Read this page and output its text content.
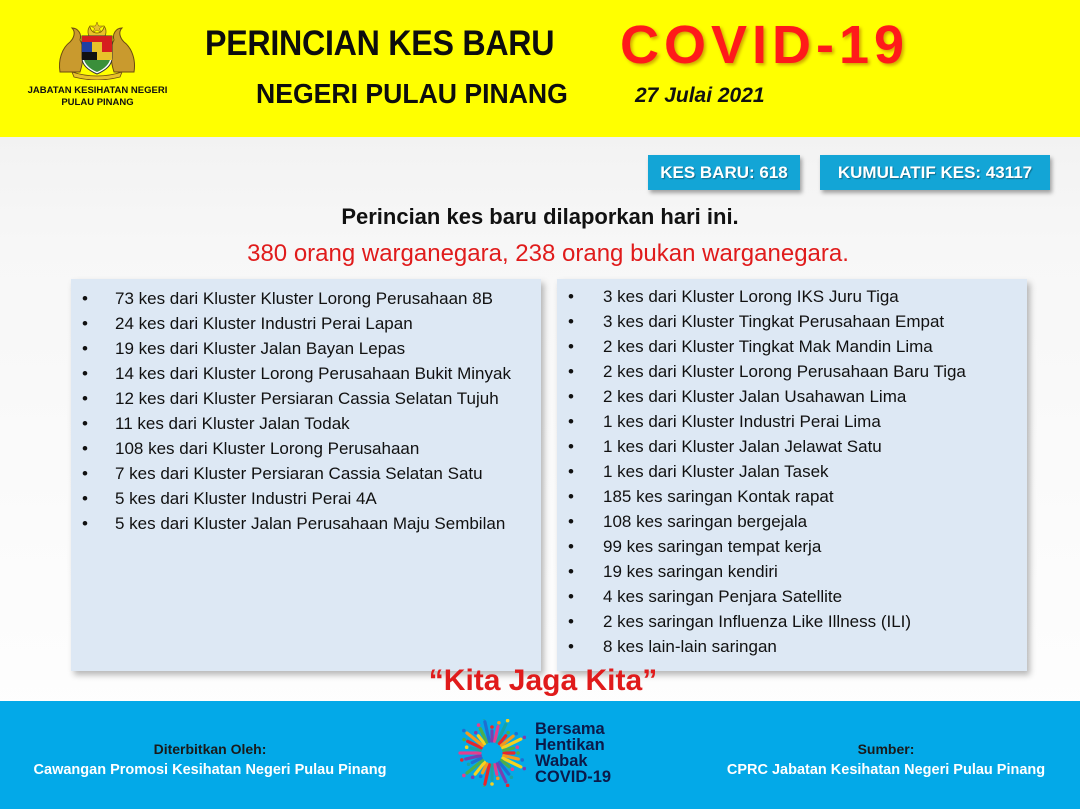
JABATAN KESIHATAN NEGERI
PULAU PINANG
PERINCIAN KES BARU COVID-19
NEGERI PULAU PINANG	27 Julai 2021
KES BARU: 618	KUMULATIF KES: 43117
Perincian kes baru dilaporkan hari ini.
380 orang warganegara, 238 orang bukan warganegara.
• 73 kes dari Kluster Kluster Lorong Perusahaan 8B
• 24 kes dari Kluster Industri Perai Lapan
• 19 kes dari Kluster Jalan Bayan Lepas
• 14 kes dari Kluster Lorong Perusahaan Bukit Minyak
• 12 kes dari Kluster Persiaran Cassia Selatan Tujuh
• 11 kes dari Kluster Jalan Todak
• 108 kes dari Kluster Lorong Perusahaan
• 7 kes dari Kluster Persiaran Cassia Selatan Satu
• 5 kes dari Kluster Industri Perai 4A
• 5 kes dari Kluster Jalan Perusahaan Maju Sembilan
• 3 kes dari Kluster Lorong IKS Juru Tiga
• 3 kes dari Kluster Tingkat Perusahaan Empat
• 2 kes dari Kluster Tingkat Mak Mandin Lima
• 2 kes dari Kluster Lorong Perusahaan Baru Tiga
• 2 kes dari Kluster Jalan Usahawan Lima
• 1 kes dari Kluster Industri Perai Lima
• 1 kes dari Kluster Jalan Jelawat Satu
• 1 kes dari Kluster Jalan Tasek
• 185 kes saringan Kontak rapat
• 108 kes saringan bergejala
• 99 kes saringan tempat kerja
• 19 kes saringan kendiri
• 4 kes saringan Penjara Satellite
• 2 kes saringan Influenza Like Illness (ILI)
• 8 kes lain-lain saringan
“Kita Jaga Kita”
Diterbitkan Oleh:
Cawangan Promosi Kesihatan Negeri Pulau Pinang
Bersama
Hentikan
Wabak
COVID-19
Sumber:
CPRC Jabatan Kesihatan Negeri Pulau Pinang
